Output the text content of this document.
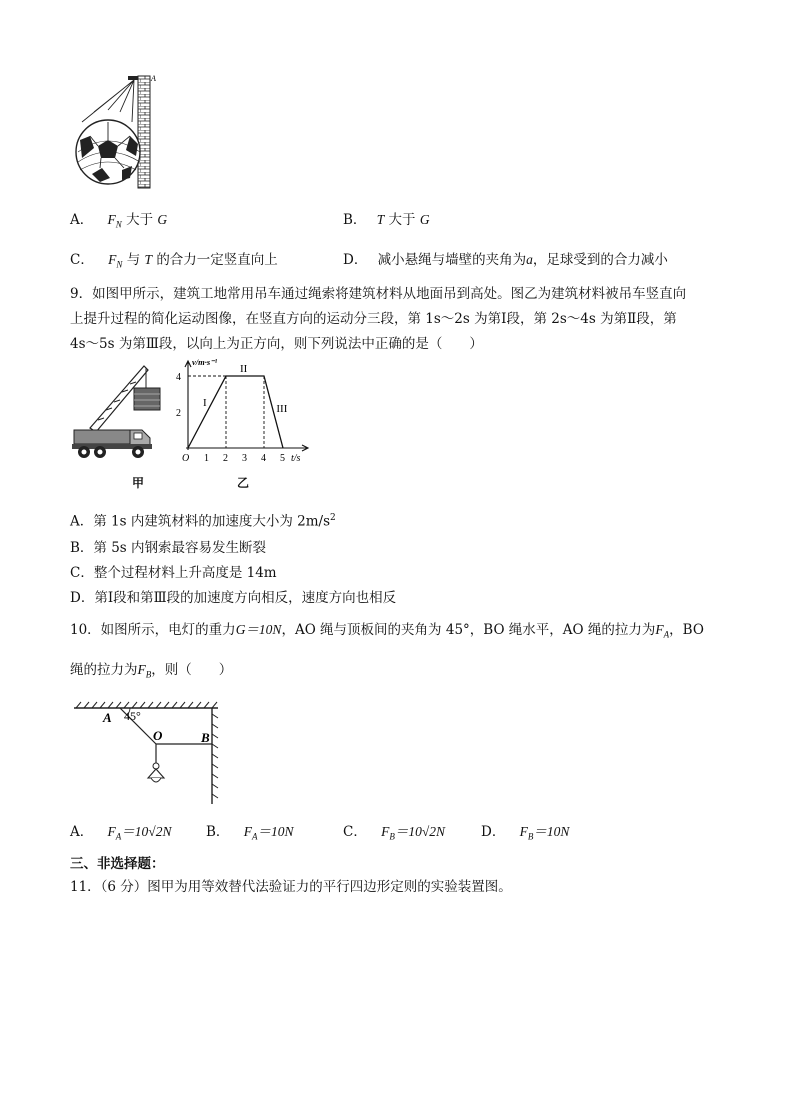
A
A． $F_N$ 大于 G	B． T 大于 G
C． $F_N$ 与 T 的合力一定竖直向上	D． 减小悬绳与墙壁的夹角为a，足球受到的合力减小
9．如图甲所示，建筑工地常用吊车通过绳索将建筑材料从地面吊到高处。图乙为建筑材料被吊车竖直向
上提升过程的简化运动图像，在竖直方向的运动分三段，第 1s～2s 为第Ⅰ段，第 2s～4s 为第Ⅱ段，第
4s～5s 为第Ⅲ段，以向上为正方向，则下列说法中正确的是（　　）
甲
O 1 2 3 4 5
2
4
v/m·s⁻¹
t/s
I
II
III
乙
A．第 1s 内建筑材料的加速度大小为 $2m/s^2$
B．第 5s 内钢索最容易发生断裂
C．整个过程材料上升高度是 14m
D．第Ⅰ段和第Ⅲ段的加速度方向相反，速度方向也相反
10．如图所示，电灯的重力G＝10N，AO 绳与顶板间的夹角为 45°，BO 绳水平，AO 绳的拉力为$F_A$，BO
绳的拉力为$F_B$，则（　　）
A 45°
O	B
A． $F_A=10√2N$	B． $F_A=10N$	C． $F_B=10√2N$	D． $F_B=10N$
三、非选择题：
11．（6 分）图甲为用等效替代法验证力的平行四边形定则的实验装置图。
